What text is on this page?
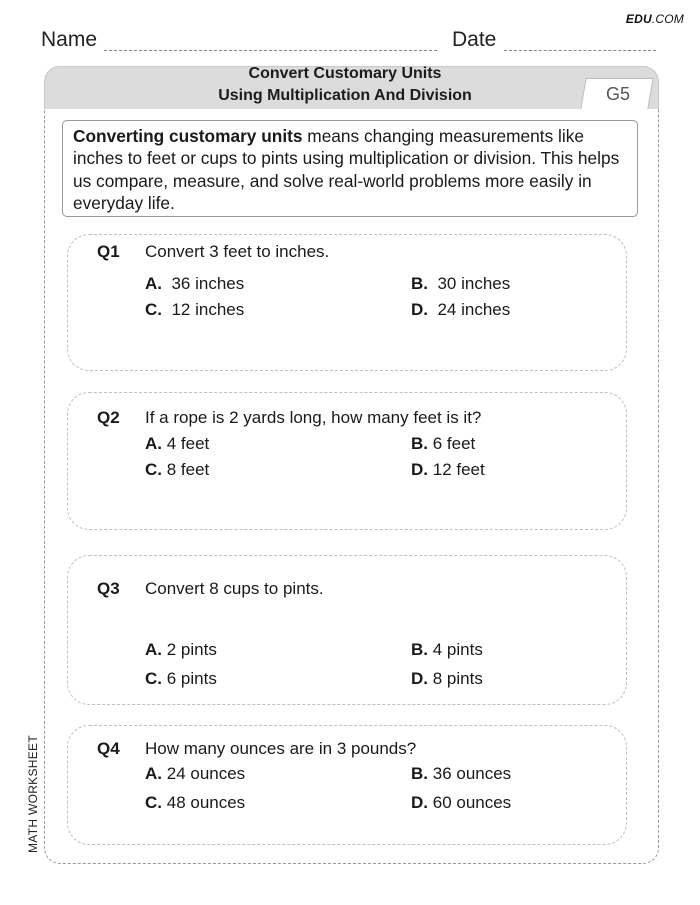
EDU.COM
Name	Date
Convert Customary Units
Using Multiplication And Division	G5
Converting customary units means changing measurements like inches to feet or cups to pints using multiplication or division. This helps us compare, measure, and solve real-world problems more easily in everyday life.
Q1 Convert 3 feet to inches.
A. 36 inches	B. 30 inches
C. 12 inches	D. 24 inches
Q2 If a rope is 2 yards long, how many feet is it?
A. 4 feet	B. 6 feet
C. 8 feet	D. 12 feet
Q3 Convert 8 cups to pints.
A. 2 pints	B. 4 pints
C. 6 pints	D. 8 pints
Q4 How many ounces are in 3 pounds?
A. 24 ounces	B. 36 ounces
C. 48 ounces	D. 60 ounces
MATH WORKSHEET
